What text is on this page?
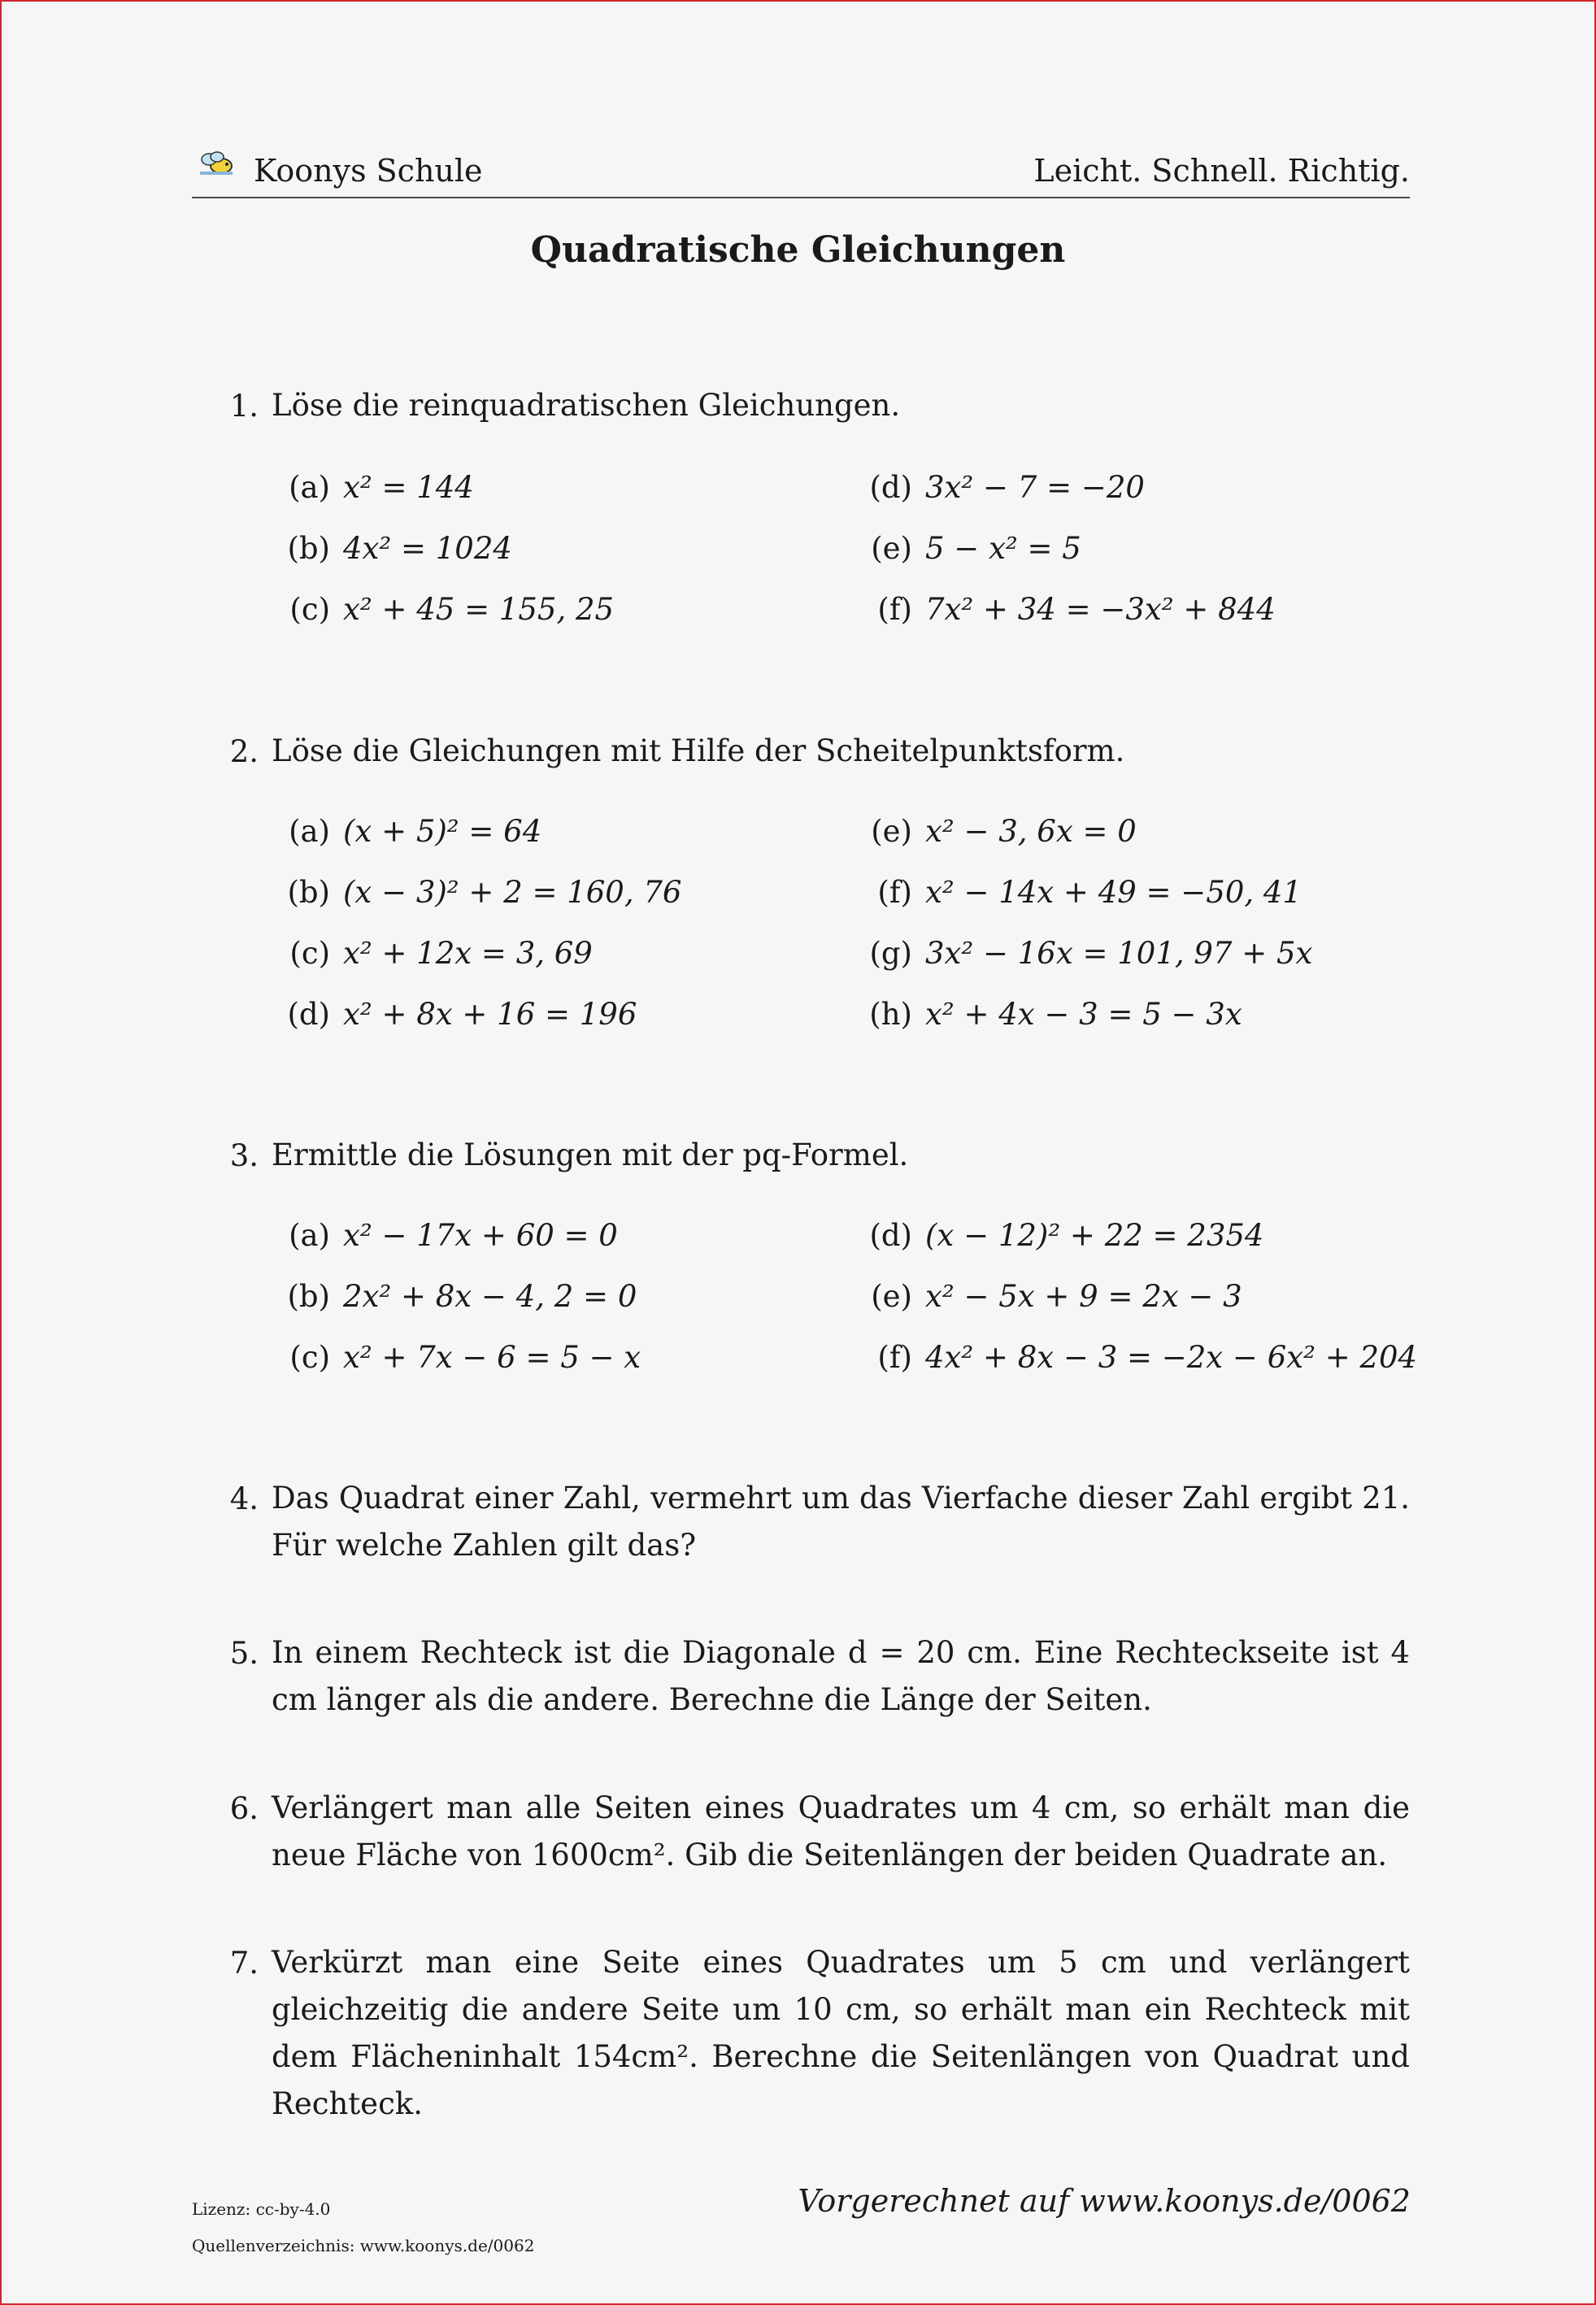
Koonys Schule	Leicht. Schnell. Richtig.
Quadratische Gleichungen
1. Löse die reinquadratischen Gleichungen.
(a) x² = 144
(b) 4x² = 1024
(c) x² + 45 = 155, 25
(d) 3x² − 7 = −20
(e) 5 − x² = 5
(f) 7x² + 34 = −3x² + 844
2. Löse die Gleichungen mit Hilfe der Scheitelpunktsform.
(a) (x + 5)² = 64
(b) (x − 3)² + 2 = 160, 76
(c) x² + 12x = 3, 69
(d) x² + 8x + 16 = 196
(e) x² − 3, 6x = 0
(f) x² − 14x + 49 = −50, 41
(g) 3x² − 16x = 101, 97 + 5x
(h) x² + 4x − 3 = 5 − 3x
3. Ermittle die Lösungen mit der pq-Formel.
(a) x² − 17x + 60 = 0
(b) 2x² + 8x − 4, 2 = 0
(c) x² + 7x − 6 = 5 − x
(d) (x − 12)² + 22 = 2354
(e) x² − 5x + 9 = 2x − 3
(f) 4x² + 8x − 3 = −2x − 6x² + 204
4. Das Quadrat einer Zahl, vermehrt um das Vierfache dieser Zahl ergibt 21. Für welche Zahlen gilt das?
5. In einem Rechteck ist die Diagonale d = 20 cm. Eine Rechteckseite ist 4 cm länger als die andere. Berechne die Länge der Seiten.
6. Verlängert man alle Seiten eines Quadrates um 4 cm, so erhält man die neue Fläche von 1600cm². Gib die Seitenlängen der beiden Quadrate an.
7. Verkürzt man eine Seite eines Quadrates um 5 cm und verlängert gleichzeitig die andere Seite um 10 cm, so erhält man ein Rechteck mit dem Flächeninhalt 154cm². Berechne die Seitenlängen von Quadrat und Rechteck.
Lizenz: cc-by-4.0
Quellenverzeichnis: www.koonys.de/0062
Vorgerechnet auf www.koonys.de/0062
